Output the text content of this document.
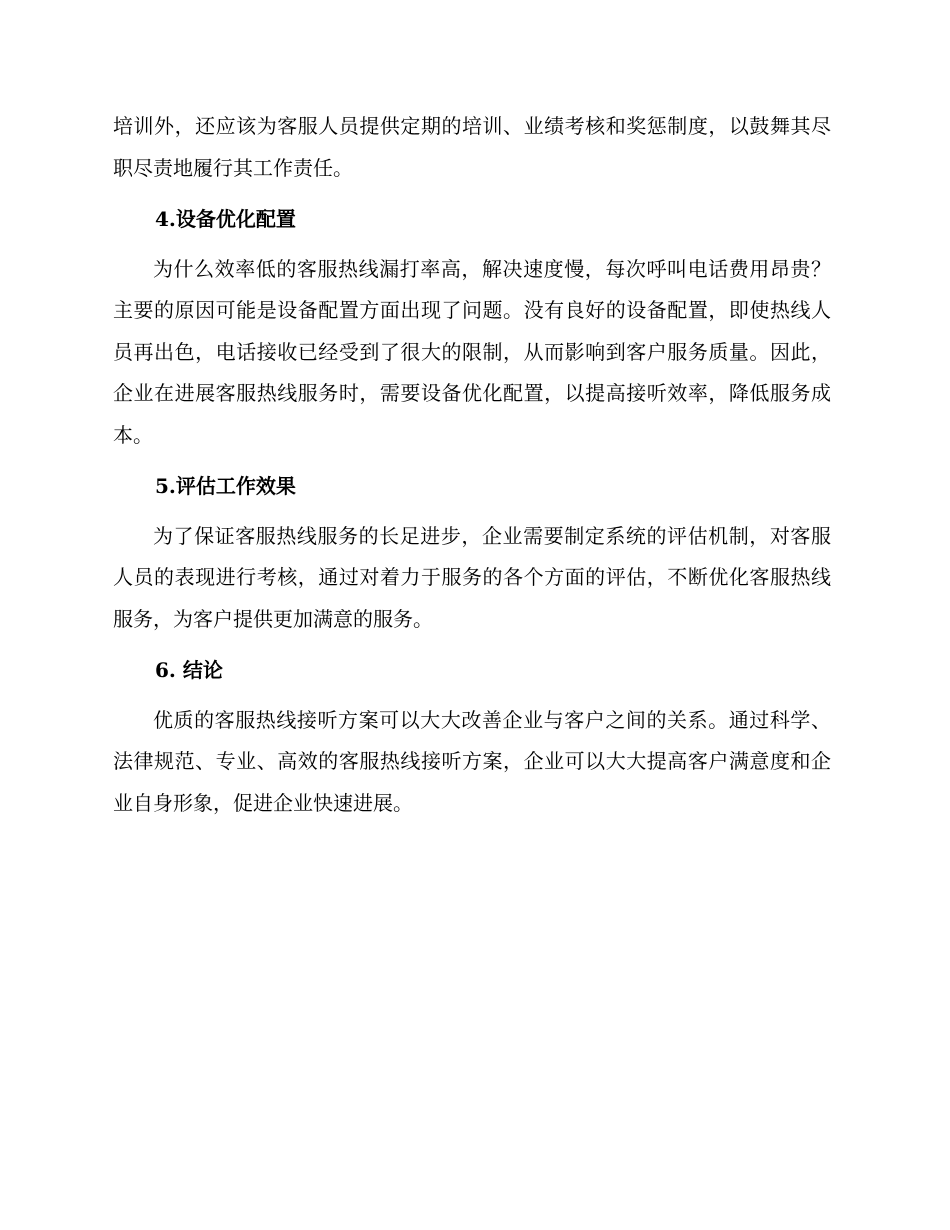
培训外，还应该为客服人员提供定期的培训、业绩考核和奖惩制度，以鼓舞其尽职尽责地履行其工作责任。

4.设备优化配置

为什么效率低的客服热线漏打率高，解决速度慢，每次呼叫电话费用昂贵？主要的原因可能是设备配置方面出现了问题。没有良好的设备配置，即使热线人员再出色，电话接收已经受到了很大的限制，从而影响到客户服务质量。因此，企业在进展客服热线服务时，需要设备优化配置，以提高接听效率，降低服务成本。

5.评估工作效果

为了保证客服热线服务的长足进步，企业需要制定系统的评估机制，对客服人员的表现进行考核，通过对着力于服务的各个方面的评估，不断优化客服热线服务，为客户提供更加满意的服务。

6. 结论

优质的客服热线接听方案可以大大改善企业与客户之间的关系。通过科学、法律规范、专业、高效的客服热线接听方案，企业可以大大提高客户满意度和企业自身形象，促进企业快速进展。
